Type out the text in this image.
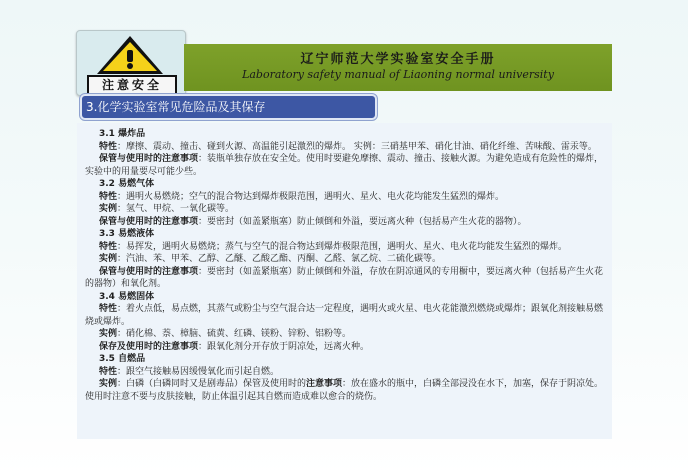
注意安全
辽宁师范大学实验室安全手册
Laboratory safety manual of Liaoning normal university
3.化学实验室常见危险品及其保存

3.1 爆炸品

特性：摩擦、震动、撞击、碰到火源、高温能引起激烈的爆炸。 实例：三硝基甲苯、硝化甘油、硝化纤维、苦味酸、雷汞等。

保管与使用时的注意事项：装瓶单独存放在安全处。使用时要避免摩擦、震动、撞击、接触火源。为避免造成有危险性的爆炸，实验中的用量要尽可能少些。

3.2 易燃气体

特性：遇明火易燃烧；空气的混合物达到爆炸极限范围，遇明火、星火、电火花均能发生猛烈的爆炸。

实例：氢气、甲烷、一氧化碳等。

保管与使用时的注意事项：要密封（如盖紧瓶塞）防止倾倒和外溢，要远离火种（包括易产生火花的器物）。

3.3 易燃液体

特性：易挥发，遇明火易燃烧；蒸气与空气的混合物达到爆炸极限范围，遇明火、星火、电火花均能发生猛烈的爆炸。

实例：汽油、苯、甲苯、乙醇、乙醚、乙酸乙酯、丙酮、乙醛、氯乙烷、二硫化碳等。

保管与使用时的注意事项：要密封（如盖紧瓶塞）防止倾倒和外溢，存放在阴凉通风的专用橱中，要远离火种（包括易产生火花的器物）和氧化剂。

3.4 易燃固体

特性：着火点低，易点燃，其蒸气或粉尘与空气混合达一定程度，遇明火或火星、电火花能激烈燃烧或爆炸；跟氧化剂接触易燃烧或爆炸。

实例：硝化棉、萘、樟脑、硫黄、红磷、镁粉、锌粉、铝粉等。

保存及使用时的注意事项：跟氧化剂分开存放于阴凉处，远离火种。

3.5 自燃品

特性：跟空气接触易因缓慢氧化而引起自燃。

实例：白磷（白磷同时又是剧毒品）保管及使用时的注意事项：放在盛水的瓶中，白磷全部浸没在水下，加塞，保存于阴凉处。使用时注意不要与皮肤接触，防止体温引起其自燃而造成难以愈合的烧伤。
